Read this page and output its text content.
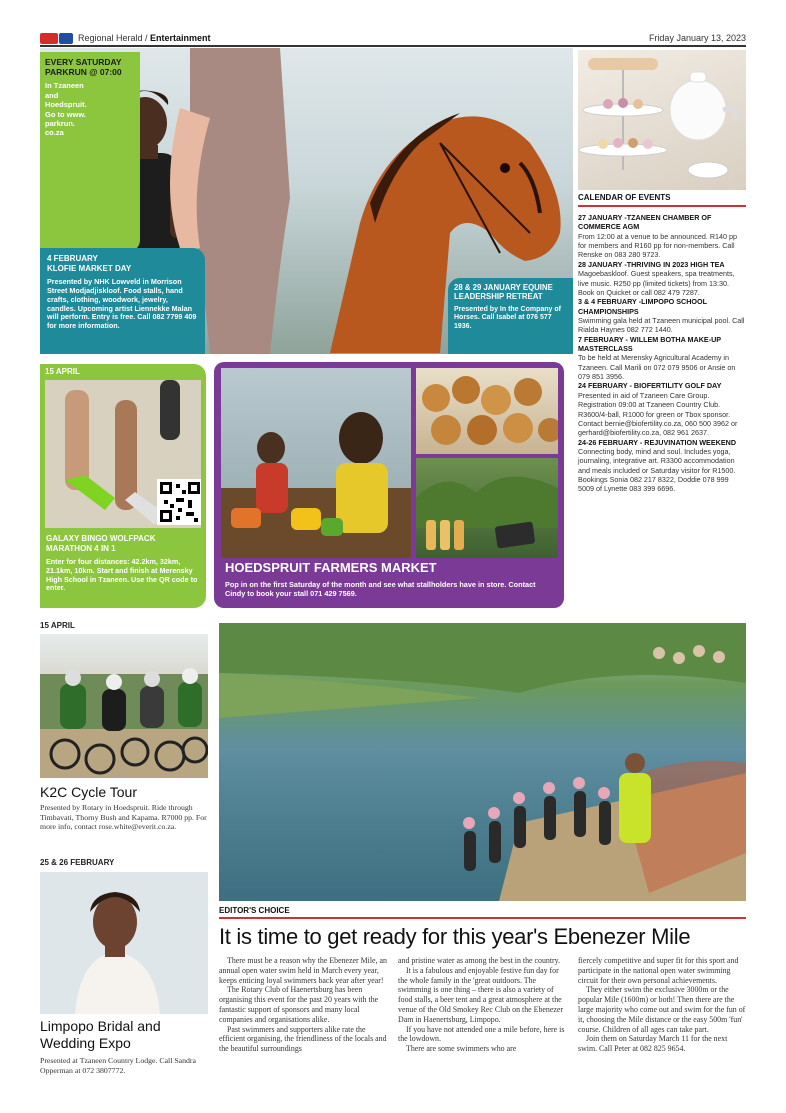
Regional Herald / Entertainment	Friday January 13, 2023
EVERY SATURDAY
PARKRUN @ 07:00
In Tzaneen and Hoedspruit. Go to www. parkrun. co.za
4 FEBRUARY
KLOFIE MARKET DAY
Presented by NHK Lowveld in Morrison Street Modjadjiskloof. Food stalls, hand crafts, clothing, woodwork, jewelry, candles. Upcoming artist Liennekke Malan will perform. Entry is free. Call 082 7799 409 for more information.
28 & 29 JANUARY EQUINE LEADERSHIP RETREAT
Presented by In the Company of Horses. Call Isabel at 076 577 1936.
CALENDAR OF EVENTS
27 JANUARY -TZANEEN CHAMBER OF COMMERCE AGM
From 12:00 at a venue to be announced. R140 pp for members and R160 pp for non-members. Call Renske on 083 280 9723.
28 JANUARY -THRIVING IN 2023 HIGH TEA
Magoebaskloof. Guest speakers, spa treatments, live music. R250 pp (limited tickets) from 13:30. Book on Quicket or call 082 479 7287.
3 & 4 FEBRUARY -LIMPOPO SCHOOL CHAMPIONSHIPS
Swimming gala held at Tzaneen municipal pool. Call Rialda Haynes 082 772 1440.
7 FEBRUARY - WILLEM BOTHA MAKE-UP MASTERCLASS
To be held at Merensky Agricultural Academy in Tzaneen. Call Marili on 072 079 9506 or Ansie on 079 851 3956.
24 FEBRUARY - BIOFERTILITY GOLF DAY
Presented in aid of Tzaneen Care Group. Registration 09:00 at Tzaneen Country Club. R3600/4-ball, R1000 for green or Tbox sponsor. Contact bernie@biofertility.co.za, 060 500 3962 or gerhard@biofertility.co.za, 082 961 2637.
24-26 FEBRUARY - REJUVINATION WEEKEND
Connecting body, mind and soul. Includes yoga, journaling, integrative art. R3300 accommodation and meals included or Saturday visitor for R1500. Bookings Sonia 082 217 8322, Doddie 078 999 5009 of Lynette 083 399 6696.
15 APRIL
GALAXY BINGO WOLFPACK
MARATHON 4 IN 1
Enter for four distances: 42.2km, 32km, 21.1km, 10km. Start and finish at Merensky High School in Tzaneen. Use the QR code to enter.
HOEDSPRUIT FARMERS MARKET
Pop in on the first Saturday of the month and see what stallholders have in store. Contact Cindy to book your stall 071 429 7569.
15 APRIL
K2C Cycle Tour
Presented by Rotary in Hoedspruit. Ride through Timbavati, Thorny Bush and Kapama. R7000 pp. For more info, contact rose.white@everit.co.za.
25 & 26 FEBRUARY
Limpopo Bridal and Wedding Expo
Presented at Tzaneen Country Lodge. Call Sandra Opperman at 072 3807772.
EDITOR'S CHOICE
It is time to get ready for this year's Ebenezer Mile

There must be a reason why the Ebenezer Mile, an annual open water swim held in March every year, keeps enticing loyal swimmers back year after year!

The Rotary Club of Haenertsburg has been organising this event for the past 20 years with the fantastic support of sponsors and many local companies and organisations alike.

Past swimmers and supporters alike rate the efficient organising, the friendliness of the locals and the beautiful surroundings

and pristine water as among the best in the country.

It is a fabulous and enjoyable festive fun day for the whole family in the 'great outdoors. The swimming is one thing – there is also a variety of food stalls, a beer tent and a great atmosphere at the venue of the Old Smokey Rec Club on the Ebenezer Dam in Haenertsburg, Limpopo.

If you have not attended one a mile before, here is the lowdown.

There are some swimmers who are

fiercely competitive and super fit for this sport and participate in the national open water swimming circuit for their own personal achievements.

They either swim the exclusive 3000m or the popular Mile (1600m) or both! Then there are the large majority who come out and swim for the fun of it, choosing the Mile distance or the easy 500m 'fun' course. Children of all ages can take part.

Join them on Saturday March 11 for the next swim. Call Peter at 082 825 9654.
